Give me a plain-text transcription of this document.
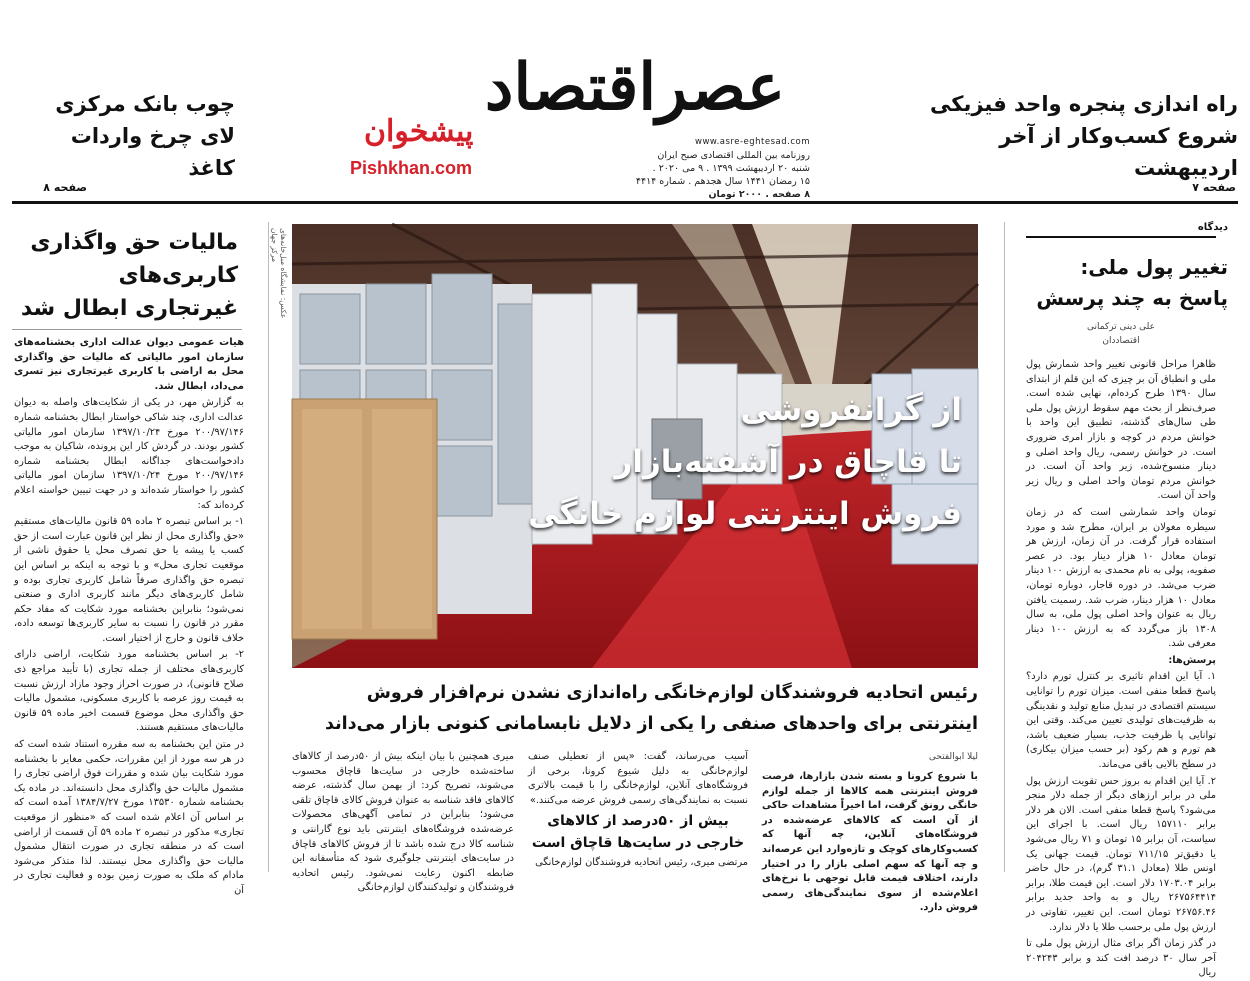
راه اندازی پنجره واحد فیزیکی شروع کسب‌وکار از آخر اردیبهشت
صفحه ۷
چوب بانک مرکزی لای چرخ واردات کاغذ
صفحه ۸
عصراقتصاد
پیشخوان
Pishkhan.com
www.asre-eghtesad.com
روزنامه بین المللی اقتصادی صبح ایران
شنبه ۲۰ اردیبهشت ۱۳۹۹ . ۹ می ۲۰۲۰ .
۱۵ رمضان ۱۴۴۱ سال هجدهم . شماره ۴۴۱۴
۸ صفحه . ۲۰۰۰ تومان
مالیات حق واگذاری کاربری‌های غیرتجاری ابطال شد

هیات عمومی دیوان عدالت اداری بخشنامه‌های سازمان امور مالیاتی که مالیات حق واگذاری محل به اراضی با کاربری غیرتجاری نیز تسری می‌داد، ابطال شد.

به گزارش مهر، در یکی از شکایت‌های واصله به دیوان عدالت اداری، چند شاکی خواستار ابطال بخشنامه شماره ۲۰۰/۹۷/۱۴۶ مورخ ۱۳۹۷/۱۰/۲۴ سازمان امور مالیاتی کشور بودند. در گردش کار این پرونده، شاکیان به موجب دادخواست‌های جداگانه ابطال بخشنامه شماره ۲۰۰/۹۷/۱۴۶ مورخ ۱۳۹۷/۱۰/۲۴ سازمان امور مالیاتی کشور را خواستار شده‌اند و در جهت تبیین خواسته اعلام کرده‌اند که:

۱- بر اساس تبصره ۲ ماده ۵۹ قانون مالیات‌های مستقیم «حق واگذاری محل از نظر این قانون عبارت است از حق کسب یا پیشه یا حق تصرف محل یا حقوق ناشی از موقعیت تجاری محل» و با توجه به اینکه بر اساس این تبصره حق واگذاری صرفاً شامل کاربری تجاری بوده و شامل کاربری‌های دیگر مانند کاربری اداری و صنعتی نمی‌شود؛ بنابراین بخشنامه مورد شکایت که مفاد حکم مقرر در قانون را نسبت به سایر کاربری‌ها توسعه داده، خلاف قانون و خارج از اختیار است.

۲- بر اساس بخشنامه مورد شکایت، اراضی دارای کاربری‌های مختلف از جمله تجاری (با تأیید مراجع ذی صلاح قانونی)، در صورت احراز وجود مازاد ارزش نسبت به قیمت روز عرصه با کاربری مسکونی، مشمول مالیات حق واگذاری محل موضوع قسمت اخیر ماده ۵۹ قانون مالیات‌های مستقیم هستند.

در متن این بخشنامه به سه مقرره استناد شده است که در هر سه مورد از این مقررات، حکمی مغایر با بخشنامه مورد شکایت بیان شده و مقررات فوق اراضی تجاری را مشمول مالیات حق واگذاری محل دانسته‌اند. در ماده یک بخشنامه شماره ۱۳۵۳۰ مورخ ۱۳۸۴/۷/۲۷ آمده است که بر اساس آن اعلام شده است که «منظور از موقعیت تجاری» مذکور در تبصره ۲ ماده ۵۹ آن قسمت از اراضی است که در منطقه تجاری در صورت انتقال مشمول مالیات حق واگذاری محل نیستند. لذا متذکر می‌شود مادام که ملک به صورت زمین بوده و فعالیت تجاری در آن

از گرانفروشی
تا قاچاق در آشفته‌بازار
فروش اینترنتی لوازم خانگی
عکس: نمایشگاه مبل‌خانه‌های مرکز جهان
رئیس اتحادیه فروشندگان لوازم‌خانگی راه‌اندازی نشدن نرم‌افزار فروش اینترنتی برای واحدهای صنفی را یکی از دلایل نابسامانی کنونی بازار می‌داند
لیلا ابوالفتحی
با شروع کرونا و بسته شدن بازارها، فرصت فروش اینترنتی همه کالاها از جمله لوازم خانگی رونق گرفت، اما اخیراً مشاهدات حاکی از آن است که کالاهای عرضه‌شده در فروشگاه‌های آنلاین، چه آنها که کسب‌وکارهای کوچک و تازه‌وارد این عرصه‌اند و چه آنها که سهم اصلی بازار را در اختیار دارند، اختلاف قیمت قابل توجهی با نرخ‌های اعلام‌شده از سوی نمایندگی‌های رسمی فروش دارد.
آسیب می‌رساند، گفت: «پس از تعطیلی صنف لوازم‌خانگی به دلیل شیوع کرونا، برخی از فروشگاه‌های آنلاین، لوازم‌خانگی را با قیمت بالاتری نسبت به نمایندگی‌های رسمی فروش عرضه می‌کنند.»
بیش از ۵۰درصد از کالاهای خارجی در سایت‌ها قاچاق است
مرتضی میری، رئیس اتحادیه فروشندگان لوازم‌خانگی
میری همچنین با بیان اینکه بیش از ۵۰درصد از کالاهای ساخته‌شده خارجی در سایت‌ها قاچاق محسوب می‌شوند، تصریح کرد: از بهمن سال گذشته، عرضه کالاهای فاقد شناسه به عنوان فروش کالای قاچاق تلقی می‌شود؛ بنابراین در تمامی آگهی‌های محصولات عرضه‌شده فروشگاه‌های اینترنتی باید نوع گارانتی و شناسه کالا درج شده باشد تا از فروش کالاهای قاچاق در سایت‌های اینترنتی جلوگیری شود که متأسفانه این ضابطه اکنون رعایت نمی‌شود. رئیس اتحادیه فروشندگان و تولیدکنندگان لوازم‌خانگی
دیدگاه
تغییر پول ملی: پاسخ به چند پرسش
علی دینی ترکمانی
اقتصاددان

ظاهرا مراحل قانونی تغییر واحد شمارش پول ملی و انطباق آن بر چیزی که این قلم از ابتدای سال ۱۳۹۰ طرح کرده‌ام، نهایی شده است. صرف‌نظر از بحث مهم سقوط ارزش پول ملی طی سال‌های گذشته، تطبیق این واحد با خوانش مردم در کوچه و بازار امری ضروری است. در خوانش رسمی، ریال واحد اصلی و دینار منسوخ‌شده، زیر واحد آن است. در خوانش مردم تومان واحد اصلی و ریال زیر واحد آن است.

تومان واحد شمارشی است که در زمان سیطره مغولان بر ایران، مطرح شد و مورد استفاده قرار گرفت. در آن زمان، ارزش هر تومان معادل ۱۰ هزار دینار بود. در عصر صفویه، پولی به نام محمدی به ارزش ۱۰۰ دینار ضرب می‌شد. در دوره قاجار، دوباره تومان، معادل ۱۰ هزار دینار، ضرب شد. رسمیت یافتن ریال به عنوان واحد اصلی پول ملی، به سال ۱۳۰۸ باز می‌گردد که به ارزش ۱۰۰ دینار معرفی شد.

پرسش‌ها:

۱. آیا این اقدام تاثیری بر کنترل تورم دارد؟ پاسخ قطعا منفی است. میزان تورم را توانایی سیستم اقتصادی در تبدیل منابع تولید و نقدینگی به ظرفیت‌های تولیدی تعیین می‌کند. وقتی این توانایی پا ظرفیت جذب، بسیار ضعیف باشد، هم تورم و هم رکود (بر حسب میزان بیکاری) در سطح بالایی باقی می‌ماند.

۲. آیا این اقدام به بروز حس تقویت ارزش پول ملی در برابر ارزهای دیگر از جمله دلار منجر می‌شود؟ پاسخ قطعا منفی است. الان هر دلار برابر ۱۵۷۱۱۰ ریال است. با اجرای این سیاست، آن برابر ۱۵ تومان و ۷۱ ریال می‌شود یا دقیق‌تر ۷۱۱/۱۵ تومان. قیمت جهانی یک اونس طلا (معادل ۳۱.۱ گرم)، در حال حاضر برابر ۱۷۰۳.۰۴ دلار است. این قیمت طلا، برابر ۲۶۷۵۶۴۴۱۴ ریال و به واحد جدید برابر ۲۶۷۵۶.۴۶ تومان است. این تغییر، تفاوتی در ارزش پول ملی برحسب طلا یا دلار ندارد.

در گذر زمان اگر برای مثال ارزش پول ملی تا آخر سال ۳۰ درصد افت کند و برابر ۲۰۴۲۴۳ ریال
